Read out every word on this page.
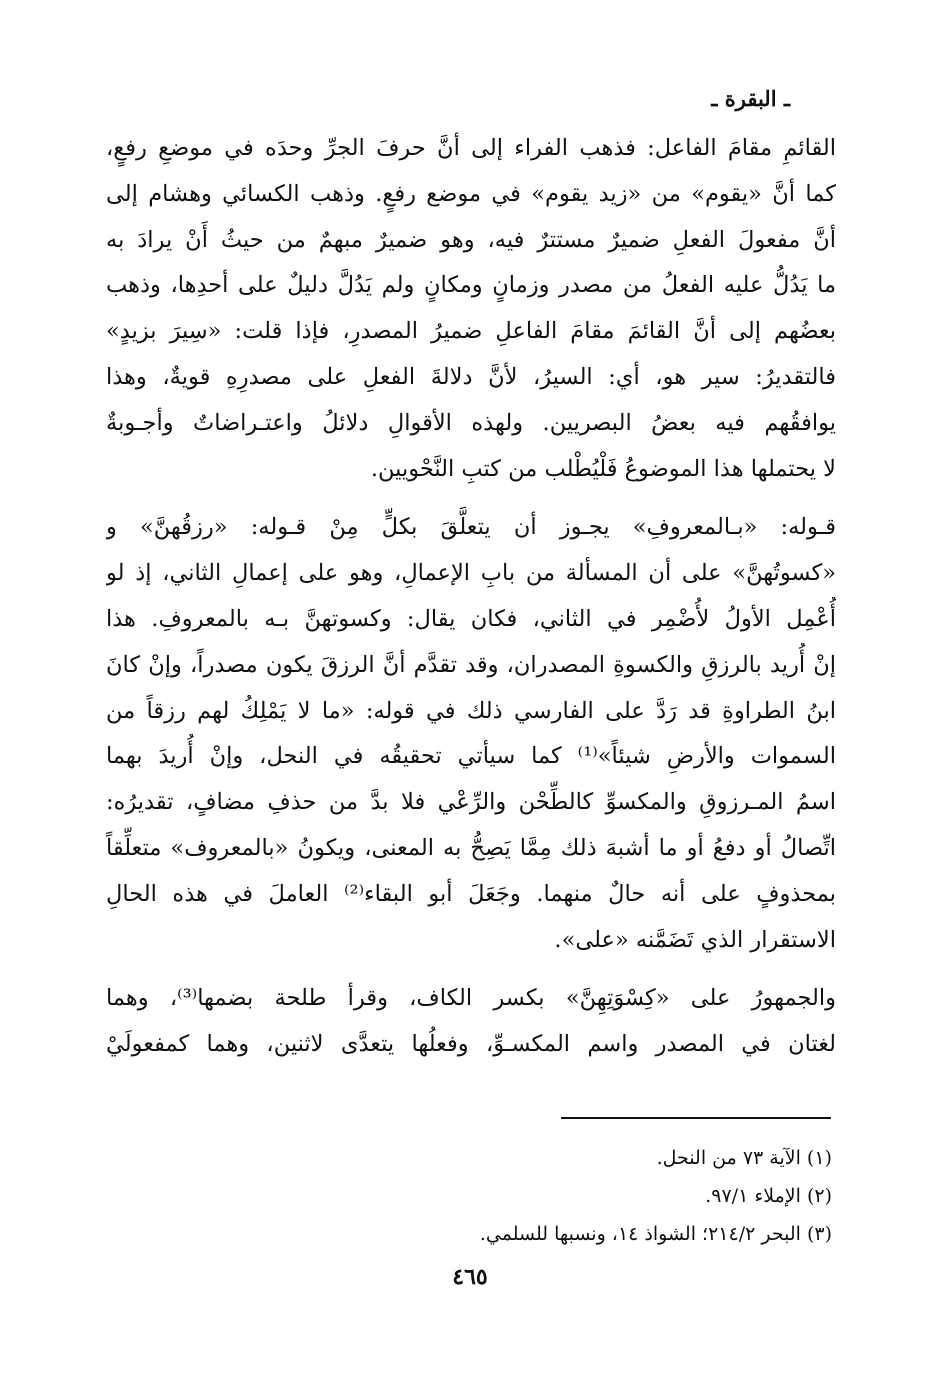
ـ البقرة ـ
القائمِ مقامَ الفاعل: فذهب الفراء إلى أنَّ حرفَ الجرِّ وحدَه في موضعِ رفعٍ،
كما أنَّ «يقوم» من «زيد يقوم» في موضع رفعٍ. وذهب الكسائي وهشام إلى
أنَّ مفعولَ الفعلِ ضميرٌ مستترٌ فيه، وهو ضميرٌ مبهمٌ من حيثُ أَنْ يرادَ به
ما يَدُلُّ عليه الفعلُ من مصدر وزمانٍ ومكانٍ ولم يَدُلَّ دليلٌ على أحدِها، وذهب
بعضُهم إلى أنَّ القائمَ مقامَ الفاعلِ ضميرُ المصدرِ، فإذا قلت: «سِيرَ بزيدٍ»
فالتقديرُ: سير هو، أي: السيرُ، لأنَّ دلالةَ الفعلِ على مصدرِهِ قويةٌ، وهذا
يوافقُهم فيه بعضُ البصريين. ولهذه الأقوالِ دلائلُ واعتـراضاتٌ وأجـوبةٌ
لا يحتملها هذا الموضوعُ فَلْيُطْلب من كتبِ النَّحْويين.
قـوله: «بـالمعروفِ» يجـوز أن يتعلَّقَ بكلٍّ مِنْ قـوله: «رزقُهنَّ» و
«كسوتُهنَّ» على أن المسألة من بابِ الإعمالِ، وهو على إعمالِ الثاني، إذ لو
أُعْمِل الأولُ لأُضْمِر في الثاني، فكان يقال: وكسوتهنَّ بـه بالمعروفِ. هذا
إنْ أُريد بالرزقِ والكسوةِ المصدران، وقد تقدَّم أنَّ الرزقَ يكون مصدراً، وإنْ كانَ
ابنُ الطراوةِ قد رَدَّ على الفارسي ذلك في قوله: «ما لا يَمْلِكُ لهم رزقاً من
السموات والأرضِ شيئاً»⁽¹⁾ كما سيأتي تحقيقُه في النحل، وإنْ أُريدَ بهما
اسمُ المـرزوقِ والمكسوِّ كالطِّحْن والرِّعْي فلا بدَّ من حذفِ مضافٍ، تقديرُه:
اتِّصالُ أو دفعُ أو ما أشبهَ ذلك مِمَّا يَصِحُّ به المعنى، ويكونُ «بالمعروف» متعلِّقاً
بمحذوفٍ على أنه حالٌ منهما. وجَعَلَ أبو البقاء⁽²⁾ العاملَ في هذه الحالِ
الاستقرار الذي تَضَمَّنه «على».
والجمهورُ على «كِسْوَتِهِنَّ» بكسر الكاف، وقرأ طلحة بضمها⁽³⁾، وهما
لغتان في المصدر واسم المكسـوِّ، وفعلُها يتعدَّى لاثنين، وهما كمفعولَيْ
(١) الآية ٧٣ من النحل.
(٢) الإملاء ٩٧/١.
(٣) البحر ٢١٤/٢؛ الشواذ ١٤، ونسبها للسلمي.
٤٦٥
